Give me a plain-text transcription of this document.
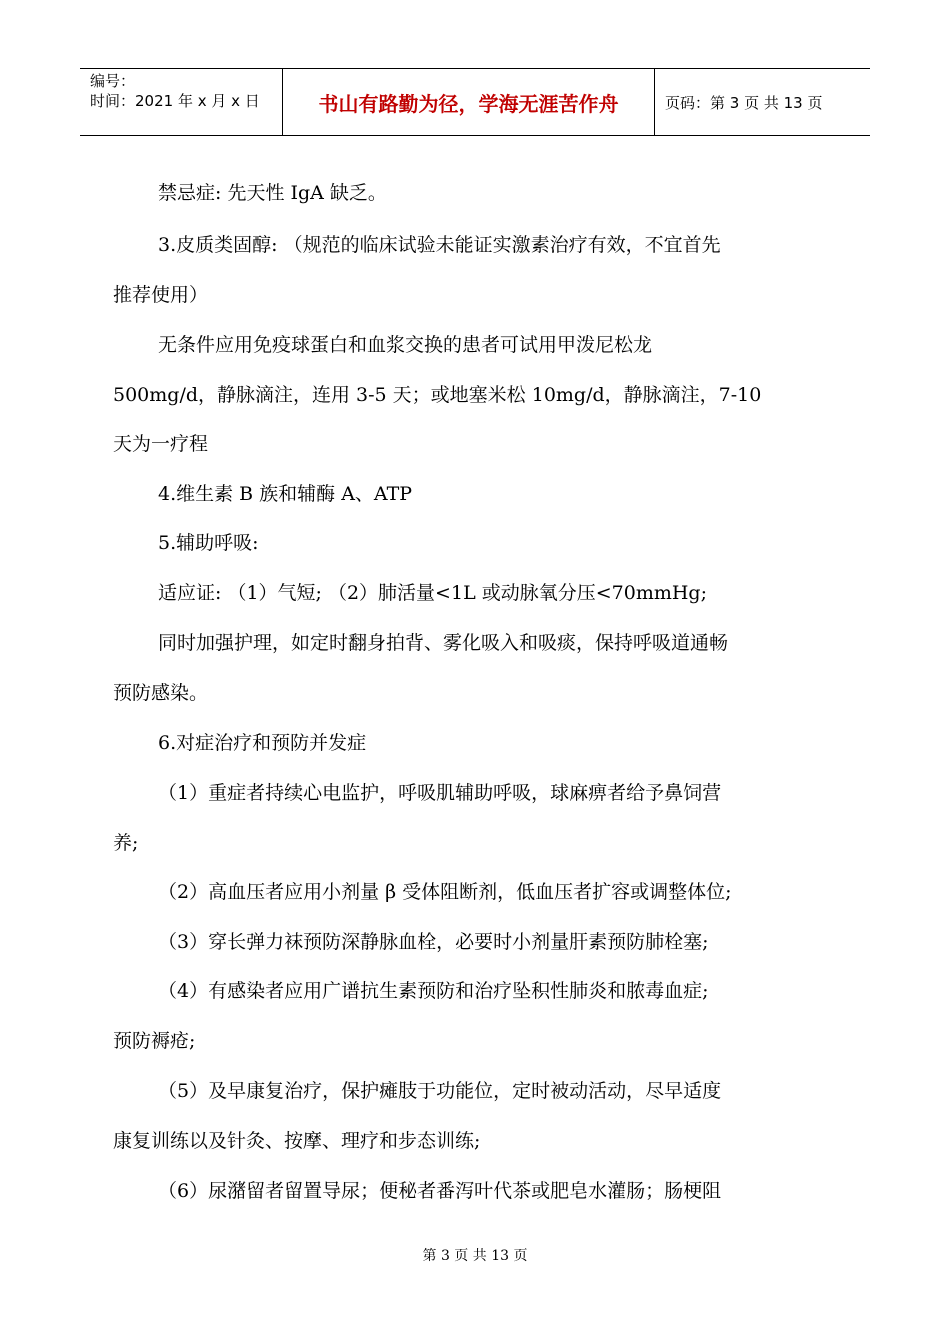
编号：
时间：2021 年 x 月 x 日	书山有路勤为径，学海无涯苦作舟	页码：第 3 页 共 13 页
禁忌症: 先天性 IgA 缺乏。
3.皮质类固醇: （规范的临床试验未能证实激素治疗有效，不宜首先
推荐使用）
无条件应用免疫球蛋白和血浆交换的患者可试用甲泼尼松龙
500mg/d，静脉滴注，连用 3-5 天；或地塞米松 10mg/d，静脉滴注，7-10
天为一疗程
4.维生素 B 族和辅酶 A、ATP
5.辅助呼吸:
适应证: （1）气短; （2）肺活量<1L 或动脉氧分压<70mmHg;
同时加强护理，如定时翻身拍背、雾化吸入和吸痰，保持呼吸道通畅
预防感染。
6.对症治疗和预防并发症
（1）重症者持续心电监护，呼吸肌辅助呼吸，球麻痹者给予鼻饲营
养;
（2）高血压者应用小剂量 β 受体阻断剂，低血压者扩容或调整体位;
（3）穿长弹力袜预防深静脉血栓，必要时小剂量肝素预防肺栓塞;
（4）有感染者应用广谱抗生素预防和治疗坠积性肺炎和脓毒血症;
预防褥疮;
（5）及早康复治疗，保护瘫肢于功能位，定时被动活动，尽早适度
康复训练以及针灸、按摩、理疗和步态训练;
（6）尿潴留者留置导尿；便秘者番泻叶代茶或肥皂水灌肠；肠梗阻
第 3 页 共 13 页
